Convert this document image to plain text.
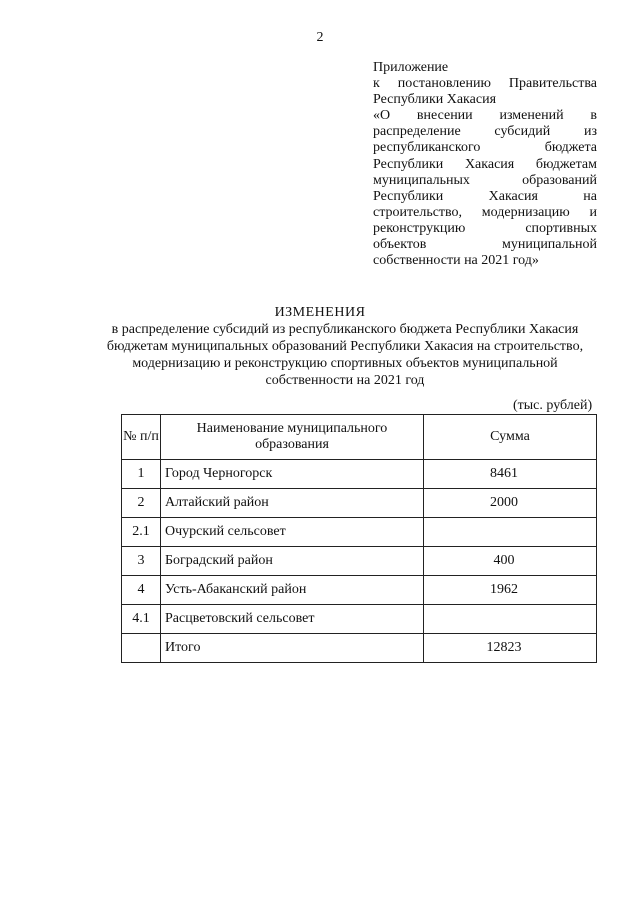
2
Приложение
к постановлению Правительства
Республики Хакасия
«О внесении изменений в
распределение субсидий из
республиканского бюджета
Республики Хакасия бюджетам
муниципальных образований
Республики Хакасия на
строительство, модернизацию и
реконструкцию спортивных
объектов муниципальной
собственности на 2021 год»
ИЗМЕНЕНИЯ
в распределение субсидий из республиканского бюджета Республики Хакасия
бюджетам муниципальных образований Республики Хакасия на строительство,
модернизацию и реконструкцию спортивных объектов муниципальной
собственности на 2021 год
(тыс. рублей)
№ п/п	Наименование муниципального образования	Сумма
1	Город Черногорск	8461
2	Алтайский район	2000
2.1	Очурский сельсовет	
3	Боградский район	400
4	Усть-Абаканский район	1962
4.1	Расцветовский сельсовет	
	Итого	12823
